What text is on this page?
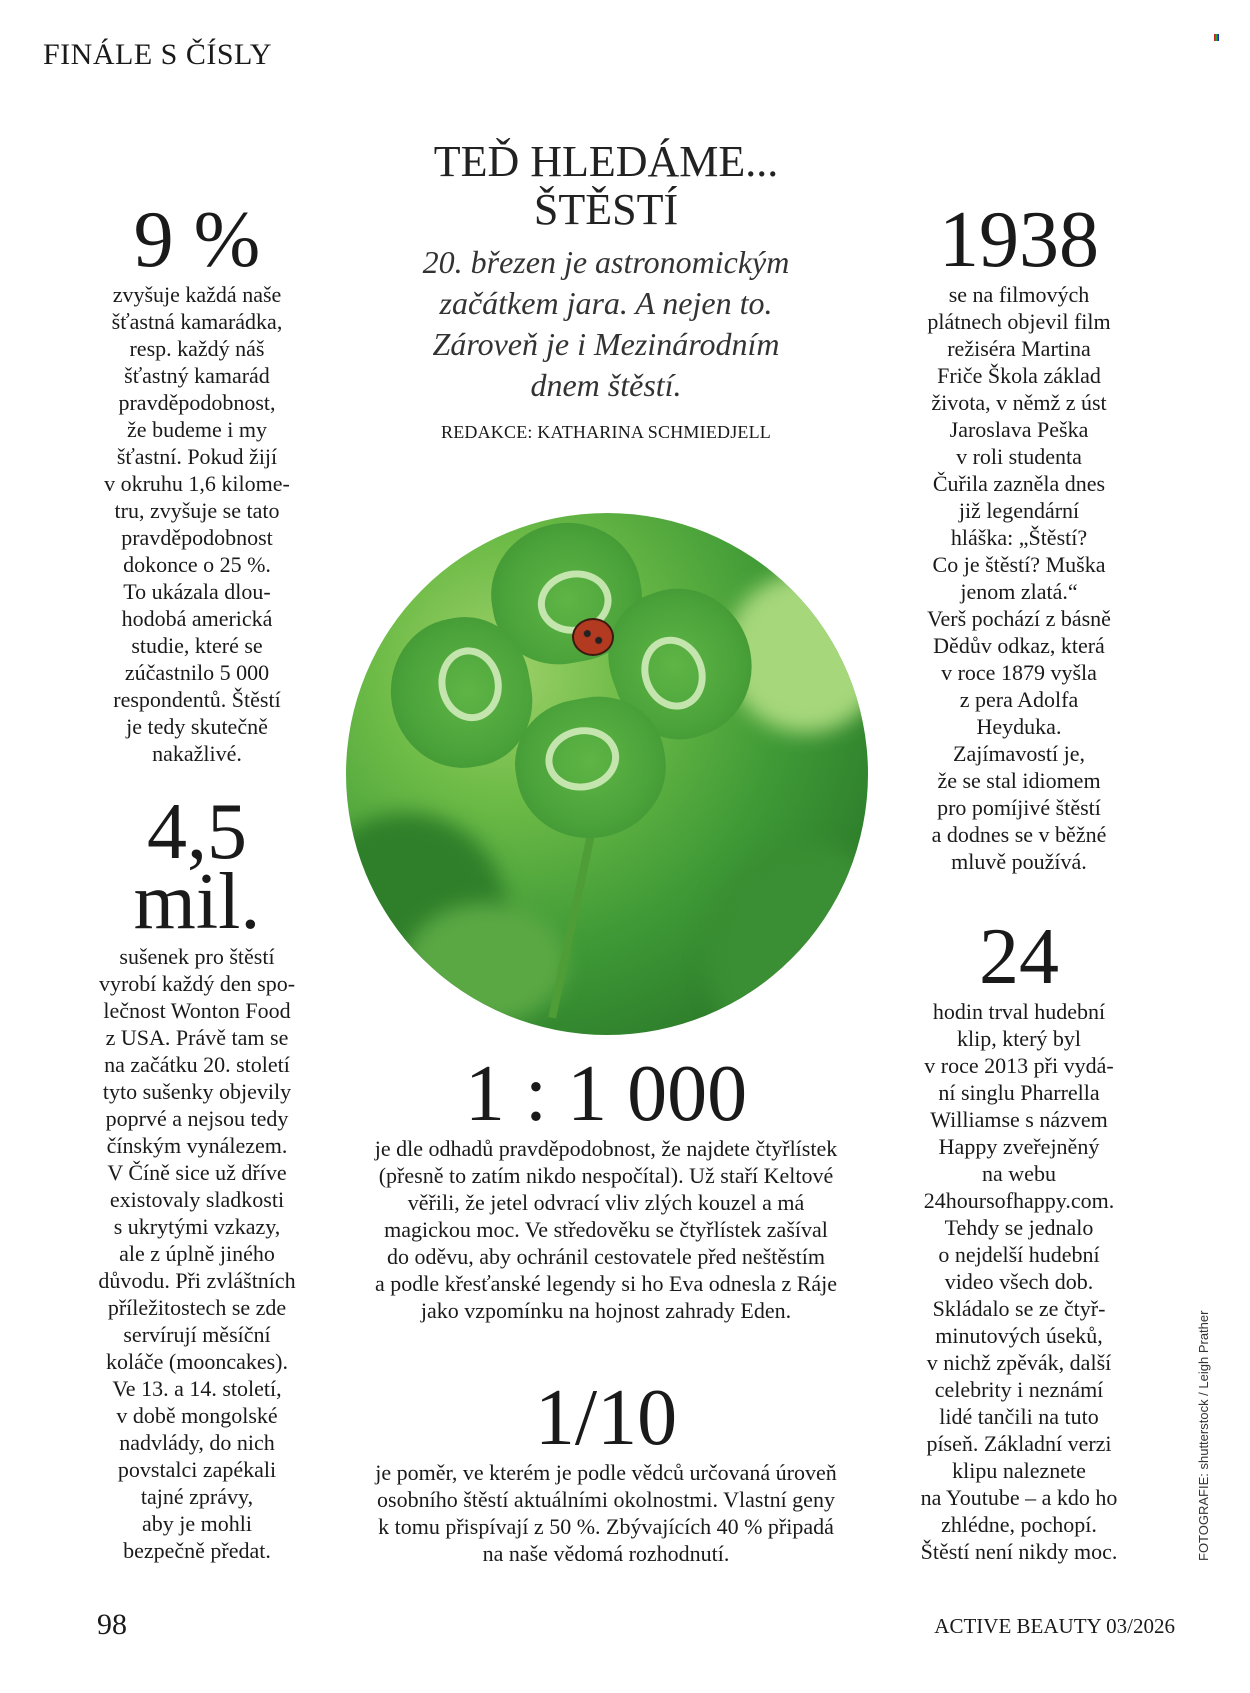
FINÁLE S ČÍSLY
TEĎ HLEDÁME...
ŠTĚSTÍ
20. březen je astronomickým
začátkem jara. A nejen to.
Zároveň je i Mezinárodním
dnem štěstí.
REDAKCE: KATHARINA SCHMIEDJELL
9 %
zvyšuje každá naše
šťastná kamarádka,
resp. každý náš
šťastný kamarád
pravděpodobnost,
že budeme i my
šťastní. Pokud žijí
v okruhu 1,6 kilome-
tru, zvyšuje se tato
pravděpodobnost
dokonce o 25 %.
To ukázala dlou-
hodobá americká
studie, které se
zúčastnilo 5 000
respondentů. Štěstí
je tedy skutečně
nakažlivé.
4,5
mil.
sušenek pro štěstí
vyrobí každý den spo-
lečnost Wonton Food
z USA. Právě tam se
na začátku 20. století
tyto sušenky objevily
poprvé a nejsou tedy
čínským vynálezem.
V Číně sice už dříve
existovaly sladkosti
s ukrytými vzkazy,
ale z úplně jiného
důvodu. Při zvláštních
příležitostech se zde
servírují měsíční
koláče (mooncakes).
Ve 13. a 14. století,
v době mongolské
nadvlády, do nich
povstalci zapékali
tajné zprávy,
aby je mohli
bezpečně předat.
1938
se na filmových
plátnech objevil film
režiséra Martina
Friče Škola základ
života, v němž z úst
Jaroslava Peška
v roli studenta
Čuřila zazněla dnes
již legendární
hláška: „Štěstí?
Co je štěstí? Muška
jenom zlatá.“
Verš pochází z básně
Dědův odkaz, která
v roce 1879 vyšla
z pera Adolfa
Heyduka.
Zajímavostí je,
že se stal idiomem
pro pomíjivé štěstí
a dodnes se v běžné
mluvě používá.
24
hodin trval hudební
klip, který byl
v roce 2013 při vydá-
ní singlu Pharrella
Williamse s názvem
Happy zveřejněný
na webu
24hoursofhappy.com.
Tehdy se jednalo
o nejdelší hudební
video všech dob.
Skládalo se ze čtyř-
minutových úseků,
v nichž zpěvák, další
celebrity i neznámí
lidé tančili na tuto
píseň. Základní verzi
klipu naleznete
na Youtube – a kdo ho
zhlédne, pochopí.
Štěstí není nikdy moc.
1 : 1 000
je dle odhadů pravděpodobnost, že najdete čtyřlístek
(přesně to zatím nikdo nespočítal). Už staří Keltové
věřili, že jetel odvrací vliv zlých kouzel a má
magickou moc. Ve středověku se čtyřlístek zašíval
do oděvu, aby ochránil cestovatele před neštěstím
a podle křesťanské legendy si ho Eva odnesla z Ráje
jako vzpomínku na hojnost zahrady Eden.
1/10
je poměr, ve kterém je podle vědců určovaná úroveň
osobního štěstí aktuálními okolnostmi. Vlastní geny
k tomu přispívají z 50 %. Zbývajících 40 % připadá
na naše vědomá rozhodnutí.
98	ACTIVE BEAUTY 03/2026
FOTOGRAFIE: shutterstock / Leigh Prather
